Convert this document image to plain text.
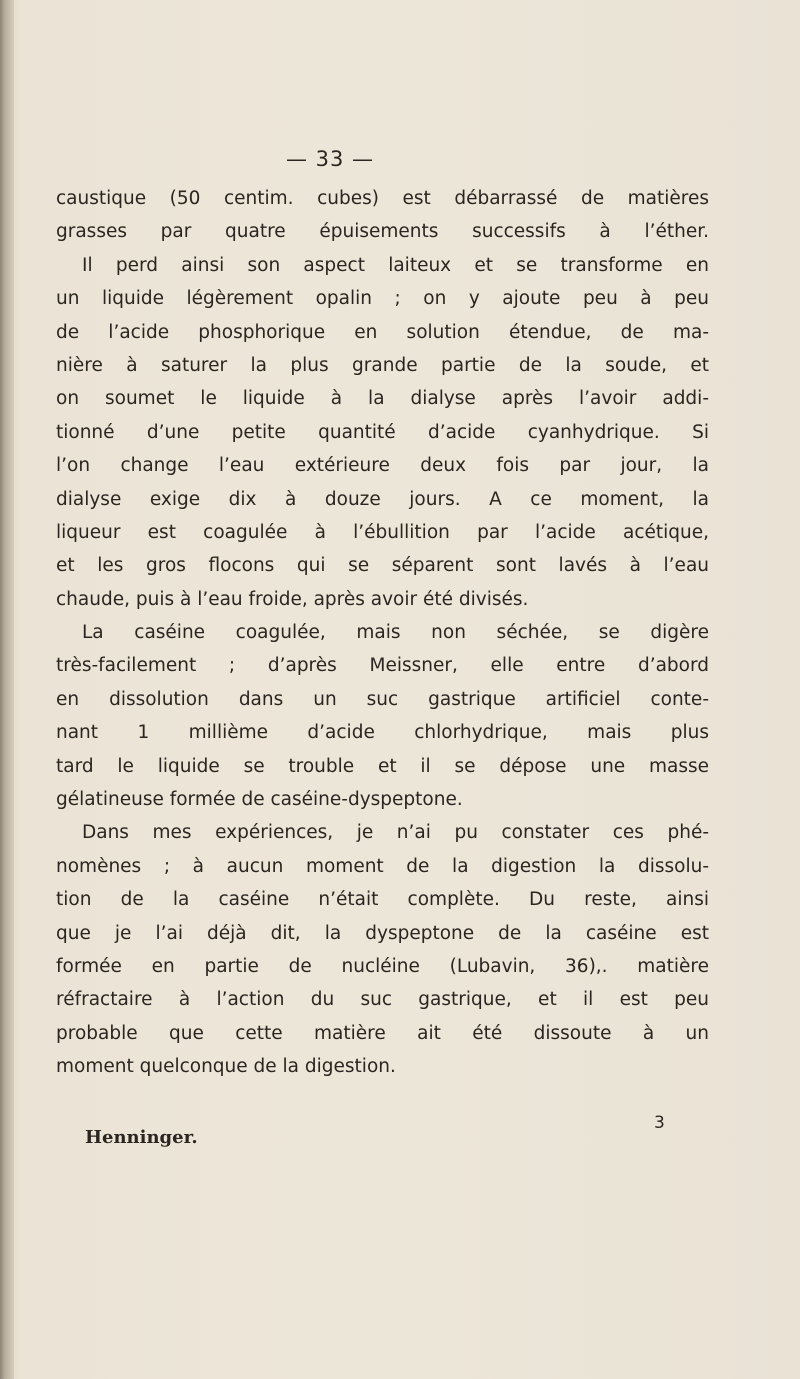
— 33 —
caustique (50 centim. cubes) est débarrassé de matières
grasses par quatre épuisements successifs à l’éther.
Il perd ainsi son aspect laiteux et se transforme en
un liquide légèrement opalin ; on y ajoute peu à peu
de l’acide phosphorique en solution étendue, de ma-
nière à saturer la plus grande partie de la soude, et
on soumet le liquide à la dialyse après l’avoir addi-
tionné d’une petite quantité d’acide cyanhydrique. Si
l’on change l’eau extérieure deux fois par jour, la
dialyse exige dix à douze jours. A ce moment, la
liqueur est coagulée à l’ébullition par l’acide acétique,
et les gros flocons qui se séparent sont lavés à l’eau
chaude, puis à l’eau froide, après avoir été divisés.
La caséine coagulée, mais non séchée, se digère
très-facilement ; d’après Meissner, elle entre d’abord
en dissolution dans un suc gastrique artificiel conte-
nant 1 millième d’acide chlorhydrique, mais plus
tard le liquide se trouble et il se dépose une masse
gélatineuse formée de caséine-dyspeptone.
Dans mes expériences, je n’ai pu constater ces phé-
nomènes ; à aucun moment de la digestion la dissolu-
tion de la caséine n’était complète. Du reste, ainsi
que je l’ai déjà dit, la dyspeptone de la caséine est
formée en partie de nucléine (Lubavin, 36),. matière
réfractaire à l’action du suc gastrique, et il est peu
probable que cette matière ait été dissoute à un
moment quelconque de la digestion.
Henninger.
3
